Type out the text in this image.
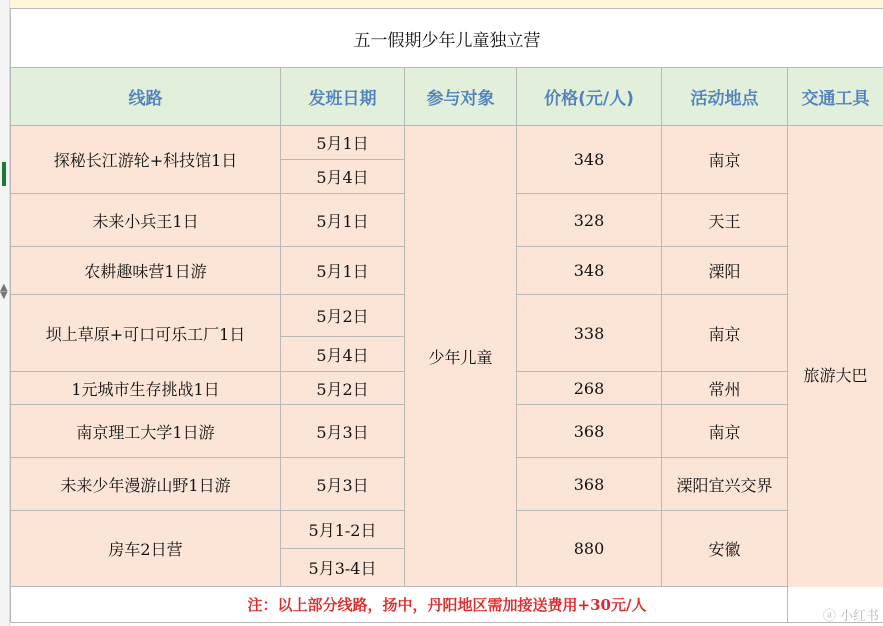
▲
▼
五一假期少年儿童独立营						
线路	发班日期	参与对象	价格(元/人)	活动地点	交通工具	
探秘长江游轮+科技馆1日	5月1日	少年儿童	348	南京	旅游大巴	
	5月4日					
未来小兵王1日	5月1日		328	天王		
农耕趣味营1日游	5月1日		348	溧阳		
坝上草原+可口可乐工厂1日	5月2日		338	南京		
	5月4日					
1元城市生存挑战1日	5月2日		268	常州		
南京理工大学1日游	5月3日		368	南京		
未来少年漫游山野1日游	5月3日		368	溧阳宜兴交界		
房车2日营	5月1-2日		880	安徽		
	5月3-4日					
注：以上部分线路，扬中，丹阳地区需加接送费用+30元/人						
ⓐ 小红书
